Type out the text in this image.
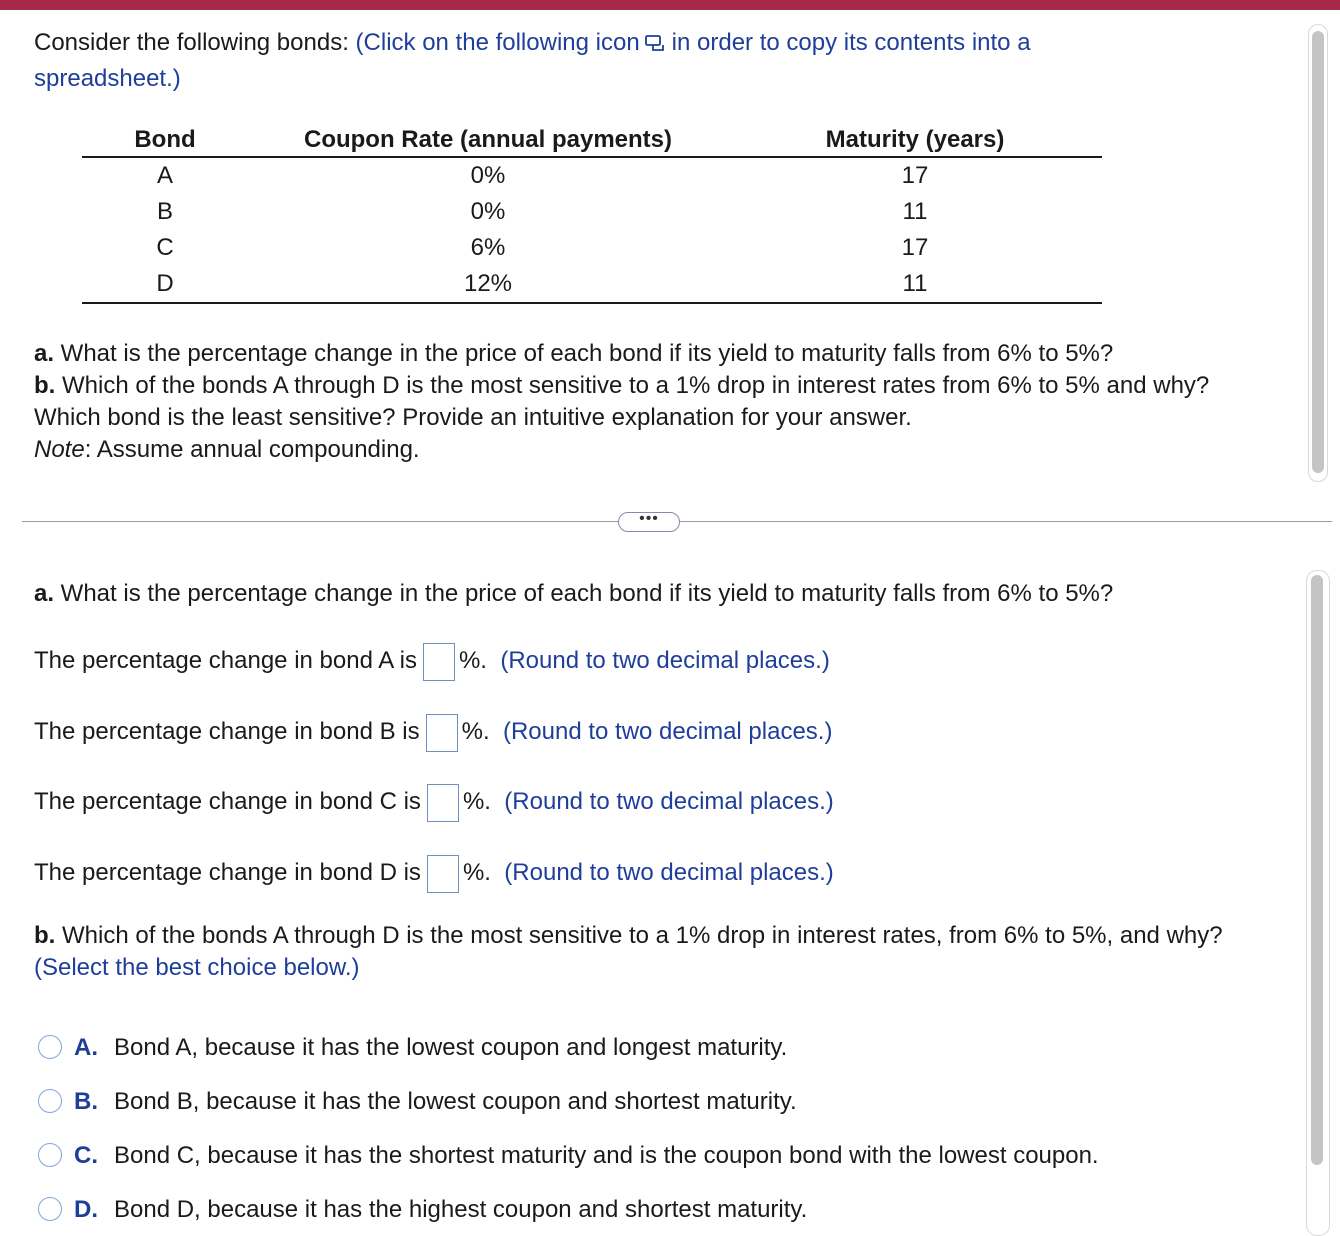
Consider the following bonds: (Click on the following icon in order to copy its contents into a spreadsheet.)
Bond	Coupon Rate (annual payments)	Maturity (years)
A	0%	17
B	0%	11
C	6%	17
D	12%	11

a. What is the percentage change in the price of each bond if its yield to maturity falls from 6% to 5%?

b. Which of the bonds A through D is the most sensitive to a 1% drop in interest rates from 6% to 5% and why? Which bond is the least sensitive? Provide an intuitive explanation for your answer.

Note: Assume annual compounding.

•••
a. What is the percentage change in the price of each bond if its yield to maturity falls from 6% to 5%?
The percentage change in bond A is %. (Round to two decimal places.)
The percentage change in bond B is %. (Round to two decimal places.)
The percentage change in bond C is %. (Round to two decimal places.)
The percentage change in bond D is %. (Round to two decimal places.)
b. Which of the bonds A through D is the most sensitive to a 1% drop in interest rates, from 6% to 5%, and why?  (Select the best choice below.)
A. Bond A, because it has the lowest coupon and longest maturity.
B. Bond B, because it has the lowest coupon and shortest maturity.
C. Bond C, because it has the shortest maturity and is the coupon bond with the lowest coupon.
D. Bond D, because it has the highest coupon and shortest maturity.
